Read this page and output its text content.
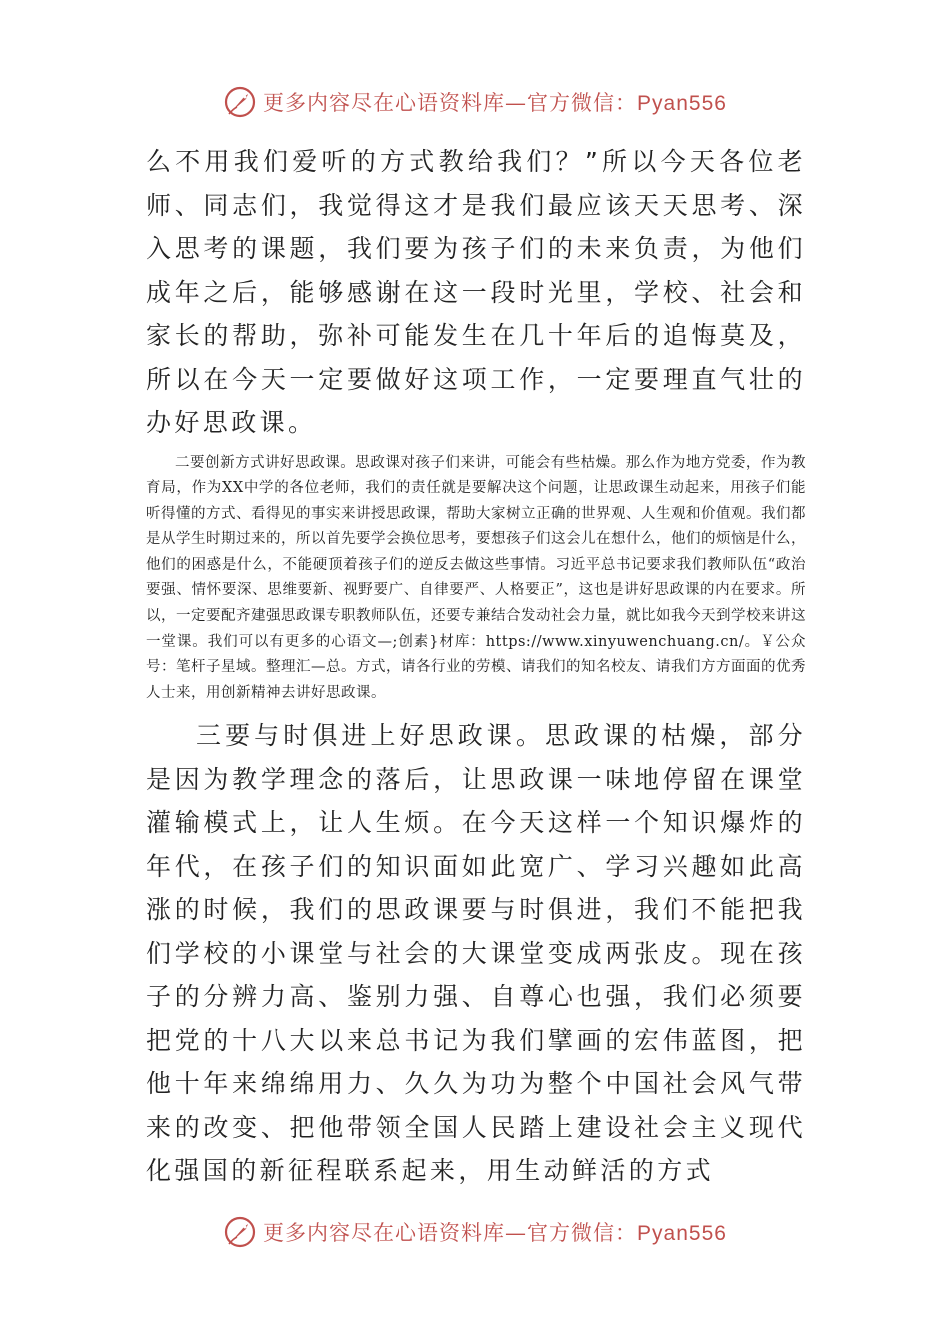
更多内容尽在心语资料库—官方微信：Pyan556

么不用我们爱听的方式教给我们？”所以今天各位老师、同志们，我觉得这才是我们最应该天天思考、深入思考的课题，我们要为孩子们的未来负责，为他们成年之后，能够感谢在这一段时光里，学校、社会和家长的帮助，弥补可能发生在几十年后的追悔莫及，所以在今天一定要做好这项工作，一定要理直气壮的办好思政课。

二要创新方式讲好思政课。思政课对孩子们来讲，可能会有些枯燥。那么作为地方党委，作为教育局，作为XX中学的各位老师，我们的责任就是要解决这个问题，让思政课生动起来，用孩子们能听得懂的方式、看得见的事实来讲授思政课，帮助大家树立正确的世界观、人生观和价值观。我们都是从学生时期过来的，所以首先要学会换位思考，要想孩子们这会儿在想什么，他们的烦恼是什么，他们的困惑是什么，不能硬顶着孩子们的逆反去做这些事情。习近平总书记要求我们教师队伍“政治要强、情怀要深、思维要新、视野要广、自律要严、人格要正”，这也是讲好思政课的内在要求。所以，一定要配齐建强思政课专职教师队伍，还要专兼结合发动社会力量，就比如我今天到学校来讲这一堂课。我们可以有更多的心语文—;创素}材库：https://www.xinyuwenchuang.cn/。￥公众号：笔杆子星域。整理汇—总。方式，请各行业的劳模、请我们的知名校友、请我们方方面面的优秀人士来，用创新精神去讲好思政课。

三要与时俱进上好思政课。思政课的枯燥，部分是因为教学理念的落后，让思政课一味地停留在课堂灌输模式上，让人生烦。在今天这样一个知识爆炸的年代，在孩子们的知识面如此宽广、学习兴趣如此高涨的时候，我们的思政课要与时俱进，我们不能把我们学校的小课堂与社会的大课堂变成两张皮。现在孩子的分辨力高、鉴别力强、自尊心也强，我们必须要把党的十八大以来总书记为我们擘画的宏伟蓝图，把他十年来绵绵用力、久久为功为整个中国社会风气带来的改变、把他带领全国人民踏上建设社会主义现代化强国的新征程联系起来，用生动鲜活的方式

更多内容尽在心语资料库—官方微信：Pyan556
